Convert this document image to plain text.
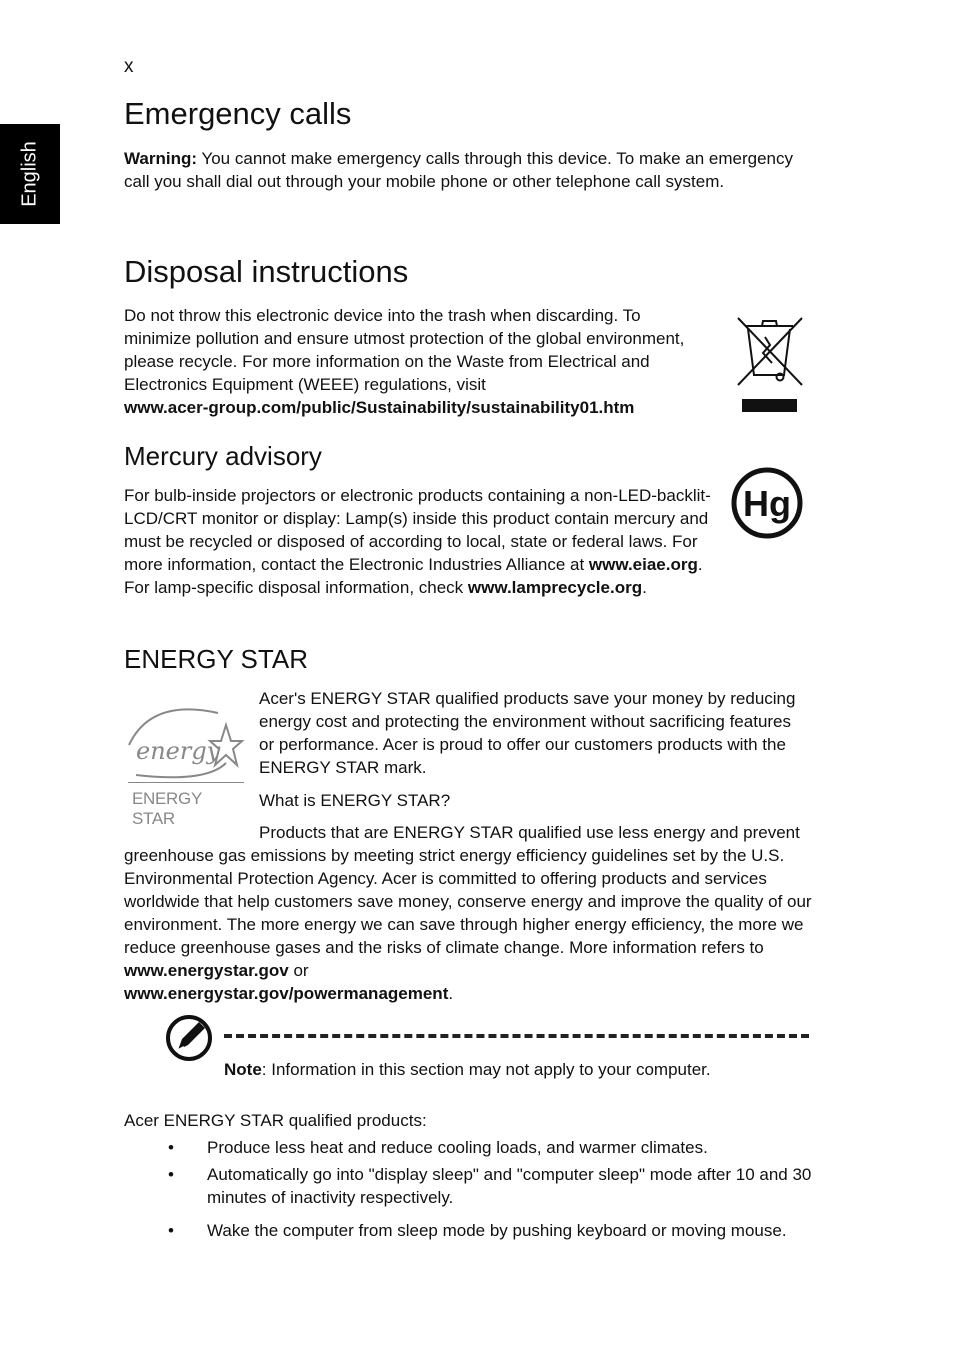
English
x
Emergency calls

Warning: You cannot make emergency calls through this device. To make an emergency call you shall dial out through your mobile phone or other telephone call system.

Disposal instructions

Do not throw this electronic device into the trash when discarding. To minimize pollution and ensure utmost protection of the global environment, please recycle. For more information on the Waste from Electrical and Electronics Equipment (WEEE) regulations, visit

www.acer-group.com/public/Sustainability/sustainability01.htm

Mercury advisory
Hg

For bulb-inside projectors or electronic products containing a non-LED-backlit-LCD/CRT monitor or display: Lamp(s) inside this product contain mercury and must be recycled or disposed of according to local, state or federal laws. For more information, contact the Electronic Industries Alliance at www.eiae.org. For lamp-specific disposal information, check www.lamprecycle.org.

ENERGY STAR
energy
ENERGY STAR

Acer's ENERGY STAR qualified products save your money by reducing energy cost and protecting the environment without sacrificing features or performance. Acer is proud to offer our customers products with the ENERGY STAR mark.

What is ENERGY STAR?

Products that are ENERGY STAR qualified use less energy and prevent greenhouse gas emissions by meeting strict energy efficiency guidelines set by the U.S. Environmental Protection Agency. Acer is committed to offering products and services worldwide that help customers save money, conserve energy and improve the quality of our environment. The more energy we can save through higher energy efficiency, the more we reduce greenhouse gases and the risks of climate change. More information refers to www.energystar.gov or
www.energystar.gov/powermanagement.

Note: Information in this section may not apply to your computer.

Acer ENERGY STAR qualified products:

• Produce less heat and reduce cooling loads, and warmer climates.
• Automatically go into "display sleep" and "computer sleep" mode after 10 and 30 minutes of inactivity respectively.
• Wake the computer from sleep mode by pushing keyboard or moving mouse.
